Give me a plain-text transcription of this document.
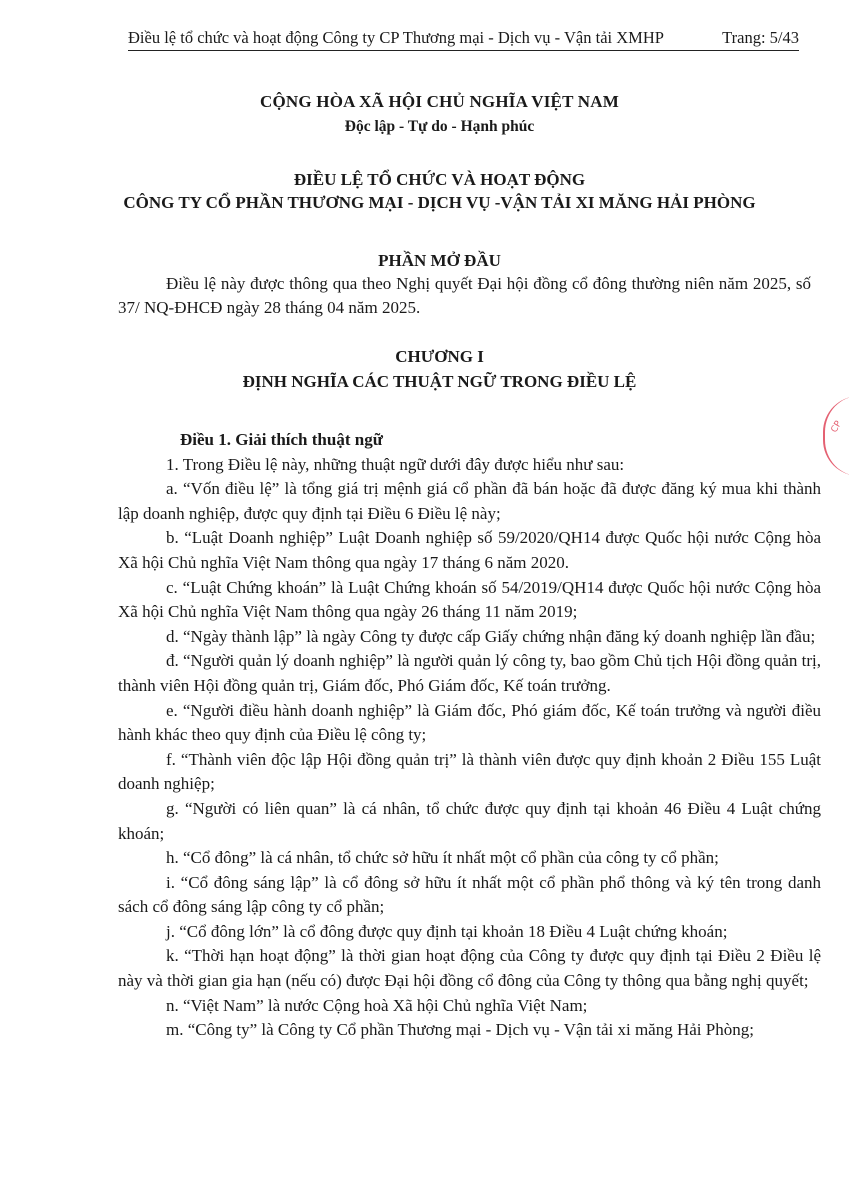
Điều lệ tổ chức và hoạt động Công ty CP Thương mại - Dịch vụ - Vận tải XMHP	Trang: 5/43
CỘNG HÒA XÃ HỘI CHỦ NGHĨA VIỆT NAM
Độc lập - Tự do - Hạnh phúc
ĐIỀU LỆ TỔ CHỨC VÀ HOẠT ĐỘNG
CÔNG TY CỔ PHẦN THƯƠNG MẠI - DỊCH VỤ -VẬN TẢI XI MĂNG HẢI PHÒNG
PHẦN MỞ ĐẦU

Điều lệ này được thông qua theo Nghị quyết Đại hội đồng cổ đông thường niên năm 2025, số 37/ NQ-ĐHCĐ ngày 28 tháng 04 năm 2025.

CHƯƠNG I
ĐỊNH NGHĨA CÁC THUẬT NGỮ TRONG ĐIỀU LỆ

Điều 1. Giải thích thuật ngữ

1. Trong Điều lệ này, những thuật ngữ dưới đây được hiểu như sau:

a. “Vốn điều lệ” là tổng giá trị mệnh giá cổ phần đã bán hoặc đã được đăng ký mua khi thành lập doanh nghiệp, được quy định tại Điều 6 Điều lệ này;

b. “Luật Doanh nghiệp” Luật Doanh nghiệp số 59/2020/QH14 được Quốc hội nước Cộng hòa Xã hội Chủ nghĩa Việt Nam thông qua ngày 17 tháng 6 năm 2020.

c. “Luật Chứng khoán” là Luật Chứng khoán số 54/2019/QH14 được Quốc hội nước Cộng hòa Xã hội Chủ nghĩa Việt Nam thông qua ngày 26 tháng 11 năm 2019;

d. “Ngày thành lập” là ngày Công ty được cấp Giấy chứng nhận đăng ký doanh nghiệp lần đầu;

đ. “Người quản lý doanh nghiệp” là người quản lý công ty, bao gồm Chủ tịch Hội đồng quản trị, thành viên Hội đồng quản trị, Giám đốc, Phó Giám đốc, Kế toán trưởng.

e. “Người điều hành doanh nghiệp” là Giám đốc, Phó giám đốc, Kế toán trưởng và người điều hành khác theo quy định của Điều lệ công ty;

f. “Thành viên độc lập Hội đồng quản trị” là thành viên được quy định khoản 2 Điều 155 Luật doanh nghiệp;

g. “Người có liên quan” là cá nhân, tổ chức được quy định tại khoản 46 Điều 4 Luật chứng khoán;

h. “Cổ đông” là cá nhân, tổ chức sở hữu ít nhất một cổ phần của công ty cổ phần;

i. “Cổ đông sáng lập” là cổ đông sở hữu ít nhất một cổ phần phổ thông và ký tên trong danh sách cổ đông sáng lập công ty cổ phần;

j. “Cổ đông lớn” là cổ đông được quy định tại khoản 18 Điều 4 Luật chứng khoán;

k. “Thời hạn hoạt động” là thời gian hoạt động của Công ty được quy định tại Điều 2 Điều lệ này và thời gian gia hạn (nếu có) được Đại hội đồng cổ đông của Công ty thông qua bằng nghị quyết;

n. “Việt Nam” là nước Cộng hoà Xã hội Chủ nghĩa Việt Nam;

m. “Công ty” là Công ty Cổ phần Thương mại - Dịch vụ - Vận tải xi măng Hải Phòng;

CP
